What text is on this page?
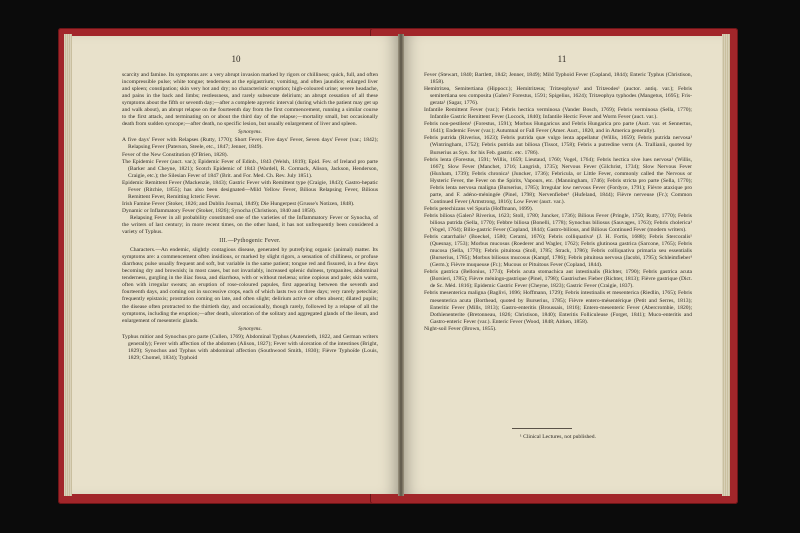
10

scarcity and famine. Its symptoms are: a very abrupt invasion marked by rigors or chilliness; quick, full, and often incompressible pulse; white tongue; tenderness at the epigastrium; vomiting, and often jaundice; enlarged liver and spleen; constipation; skin very hot and dry; no characteristic eruption; high-coloured urine; severe headache, and pains in the back and limbs; restlessness, and rarely subsecute delirium; an abrupt cessation of all these symptoms about the fifth or seventh day;—after a complete apyretic interval (during which the patient may get up and walk about), an abrupt relapse on the fourteenth day from the first commencement, running a similar course to the first attack, and terminating on or about the third day of the relapse;—mortality small, but occasionally death from sudden syncope;—after death, no specific lesion, but usually enlargement of liver and spleen.

Synonyms.

A five days' Fever with Relapses (Rutty, 1770); Short Fever, Five days' Fever, Seven days' Fever (var.; 1842); Relapsing Fever (Paterson, Steele, etc., 1847; Jenner, 1849).

Fever of the New Constitution (O'Brien, 1828).

The Epidemic Fever (auct. var.); Epidemic Fever of Edinb., 1843 (Welsh, 1819); Epid. Fev. of Ireland pro parte (Barker and Cheyne, 1821); Scotch Epidemic of 1843 (Wardell, R. Cormack, Alison, Jackson, Henderson, Craigie, etc.); the Silesian Fever of 1847 (Brit. and For. Med. Ch. Rev. July 1851).

Epidemic Remittent Fever (Mackenzie, 1843); Gastric Fever with Remittent type (Craigie, 1843); Gastro-hepatic Fever (Ritchie, 1855); has also been designated—Mild Yellow Fever, Bilious Relapsing Fever, Bilious Remittent Fever, Remitting Icteric Fever.

Irish Famine Fever (Stoker, 1826; and Dublin Journal, 1849); Die Hungerpest (Grusse's Notizen, 1848).

Dynamic or Inflammatory Fever (Stoker, 1826); Synocha (Christison, 1840 and 1858).

Relapsing Fever in all probability constituted one of the varieties of the Inflammatory Fever or Synocha, of the writers of last century; in more recent times, on the other hand, it has not unfrequently been considered a variety of Typhus.

III.—Pythogenic Fever.

Characters.—An endemic, slightly contagious disease, generated by putrefying organic (animal) matter. Its symptoms are: a commencement often insidious, or marked by slight rigors, a sensation of chilliness, or profuse diarrhœa; pulse usually frequent and soft, but variable in the same patient; tongue red and fissured, in a few days becoming dry and brownish; in most cases, but not invariably, increased splenic dulness, tympanites, abdominal tenderness, gurgling in the iliac fossa, and diarrhœa, with or without melæna; urine copious and pale; skin warm, often with irregular sweats; an eruption of rose-coloured papules, first appearing between the seventh and fourteenth days, and coming out in successive crops, each of which lasts two or three days; very rarely petechiæ; frequently epistaxis; prostration coming on late, and often slight; delirium active or often absent; dilated pupils; the disease often protracted to the thirtieth day, and occasionally, though rarely, followed by a relapse of all the symptoms, including the eruption;—after death, ulceration of the solitary and aggregated glands of the ileum, and enlargement of mesenteric glands.

Synonyms.

Typhus mitior and Synochus pro parte (Cullen, 1769); Abdominal Typhus (Autenrieth, 1822, and German writers generally); Fever with affection of the abdomen (Alison, 1827); Fever with ulceration of the intestines (Bright, 1829); Synochus and Typhus with abdominal affection (Southwood Smith, 1830); Fièvre Typhoïde (Louis, 1829; Chomel, 1834); Typhoid

11

Fever (Stewart, 1840; Bartlett, 1842; Jenner, 1849); Mild Typhoid Fever (Copland, 1844); Enteric Typhus (Christison, 1858).

Hemitritæa, Semitertiana (Hippocr.); Hemitritæus; Tritæophyus¹ and Tritæodes¹ (auctor. antiq. var.); Febris semitertiana seu composita (Galen? Forestus, 1591; Spigelius, 1624); Tritæophya typhodes (Mangetus, 1695); Fris-gerata¹ (Sagar, 1776).

Infantile Remittent Fever (var.); Febris hectica verminosa (Vander Bosch, 1769); Febris verminosa (Sella, 1770); Infantile Gastric Remittent Fever (Locock, 1840); Infantile Hectic Fever and Worm Fever (auct. var.).

Febris non-pestilens¹ (Forestus, 1591); Morbus Hungaricus and Febris Hungarica pro parte (Auct. var. et Sennertus, 1641); Endemic Fever (var.); Autumnal or Fall Fever (Amer. Auct., 1820, and in America generally).

Febris putrida (Riverius, 1623); Febris putrida quæ vulgo lenta appellatur (Willis, 1659); Febris putrida nervosa¹ (Wintringham, 1752); Febris putrida aut biliosa (Tissot, 1758); Febris a putredine verm (A. Trallianii, quoted by Burserius as Syn. for his Feb. gastric. etc. 1786).

Febris lenta (Forestus, 1591; Willis, 1659; Lieutaud, 1760; Vogel, 1764); Febris hectica sive lues nervosa¹ (Willis, 1667); Slow Fever (Manchet, 1716; Langrish, 1735); Nervous Fever (Gilchrist, 1734); Slow Nervous Fever (Huxham, 1739); Febris chronica¹ (Juncker, 1736); Febricula, or Little Fever, commonly called the Nervous or Hysteric Fever, the Fever on the Spirits, Vapours, etc. (Manningham, 1746); Febris stricta pro parte (Sella, 1770); Febris lenta nervosa maligna (Burserius, 1785); Irregular low nervous Fever (Fordyce, 1791); Fièvre ataxique pro parte, and F. adéno-méningée (Pinel, 1798); Nervenfieber¹ (Hufeland, 1844); Fièvre nerveuse (Fr.); Common Continued Fever (Armstrong, 1816); Low Fever (auct. var.).

Febris petechizans vel Spuria (Hoffmann, 1699).

Febris biliosa (Galen? Riverius, 1623; Stoll, 1780; Juncker, 1736); Bilious Fever (Pringle, 1750; Rutty, 1770); Febris biliosa putrida (Sella, 1770); Febbre biliosa (Bonelli, 1778); Synochus biliosus (Sauvages, 1763); Febris cholerica¹ (Vogel, 1764); Bilio-gastric Fever (Copland, 1844); Gastro-bilious, and Bilious Continued Fever (modern writers).

Febris catarrhalis¹ (Boeckel, 1580; Cerami, 1676); Febris colliquativa¹ (J. H. Fortis, 1688); Febris Stercoralis¹ (Quesnay, 1753); Morbus mucosus (Roederer and Wagler, 1762); Febris glutinosa gastrica (Sarcone, 1765); Febris mucosa (Sella, 1770); Febris pituitosa (Stoll, 1785; Strack, 1786); Febris colliquativa primaria seu essentialis (Burserius, 1785); Morbus biliosus mucosus (Kampf, 1786); Febris pituitosa nervosa (Jacobi, 1795); Schleimfieber¹ (Germ.); Fièvre muqueuse (Fr.); Mucous or Pituitous Fever (Copland, 1844).

Febris gastrica (Bellonius, 1774); Febris acuta stomachica aut intestinalis (Richter, 1790); Febris gastrica acuta (Borsieri, 1785); Fièvre méningo-gastrique (Pinel, 1798); Gastrisches Fieber (Richter, 1813); Fièvre gastrique (Dict. de Sc. Méd. 1816); Epidemic Gastric Fever (Cheyne, 1823); Gastric Fever (Craigie, 1837).

Febris mesenterica maligna (Baglivi, 1696; Hoffmann, 1729); Febris intestinalis et mesenterica (Riedlin, 1765); Febris mesenterica acuta (Borthead, quoted by Burserius, 1785); Fièvre entero-mésentérique (Petit and Serres, 1813); Enteritic Fever (Mills, 1813); Gastro-enteritis (Broussais, 1816); Entero-mesenteric Fever (Abercrombie, 1820); Dothienenterite (Bretonneau, 1826; Christison, 1840); Enteritis Folliculeuse (Forget, 1841); Muco-enteritis and Gastro-enteric Fever (var.). Enteric Fever (Wood, 1848; Aitken, 1858).

Night-soil Fever (Brown, 1855).

¹ Clinical Lectures, not published.
